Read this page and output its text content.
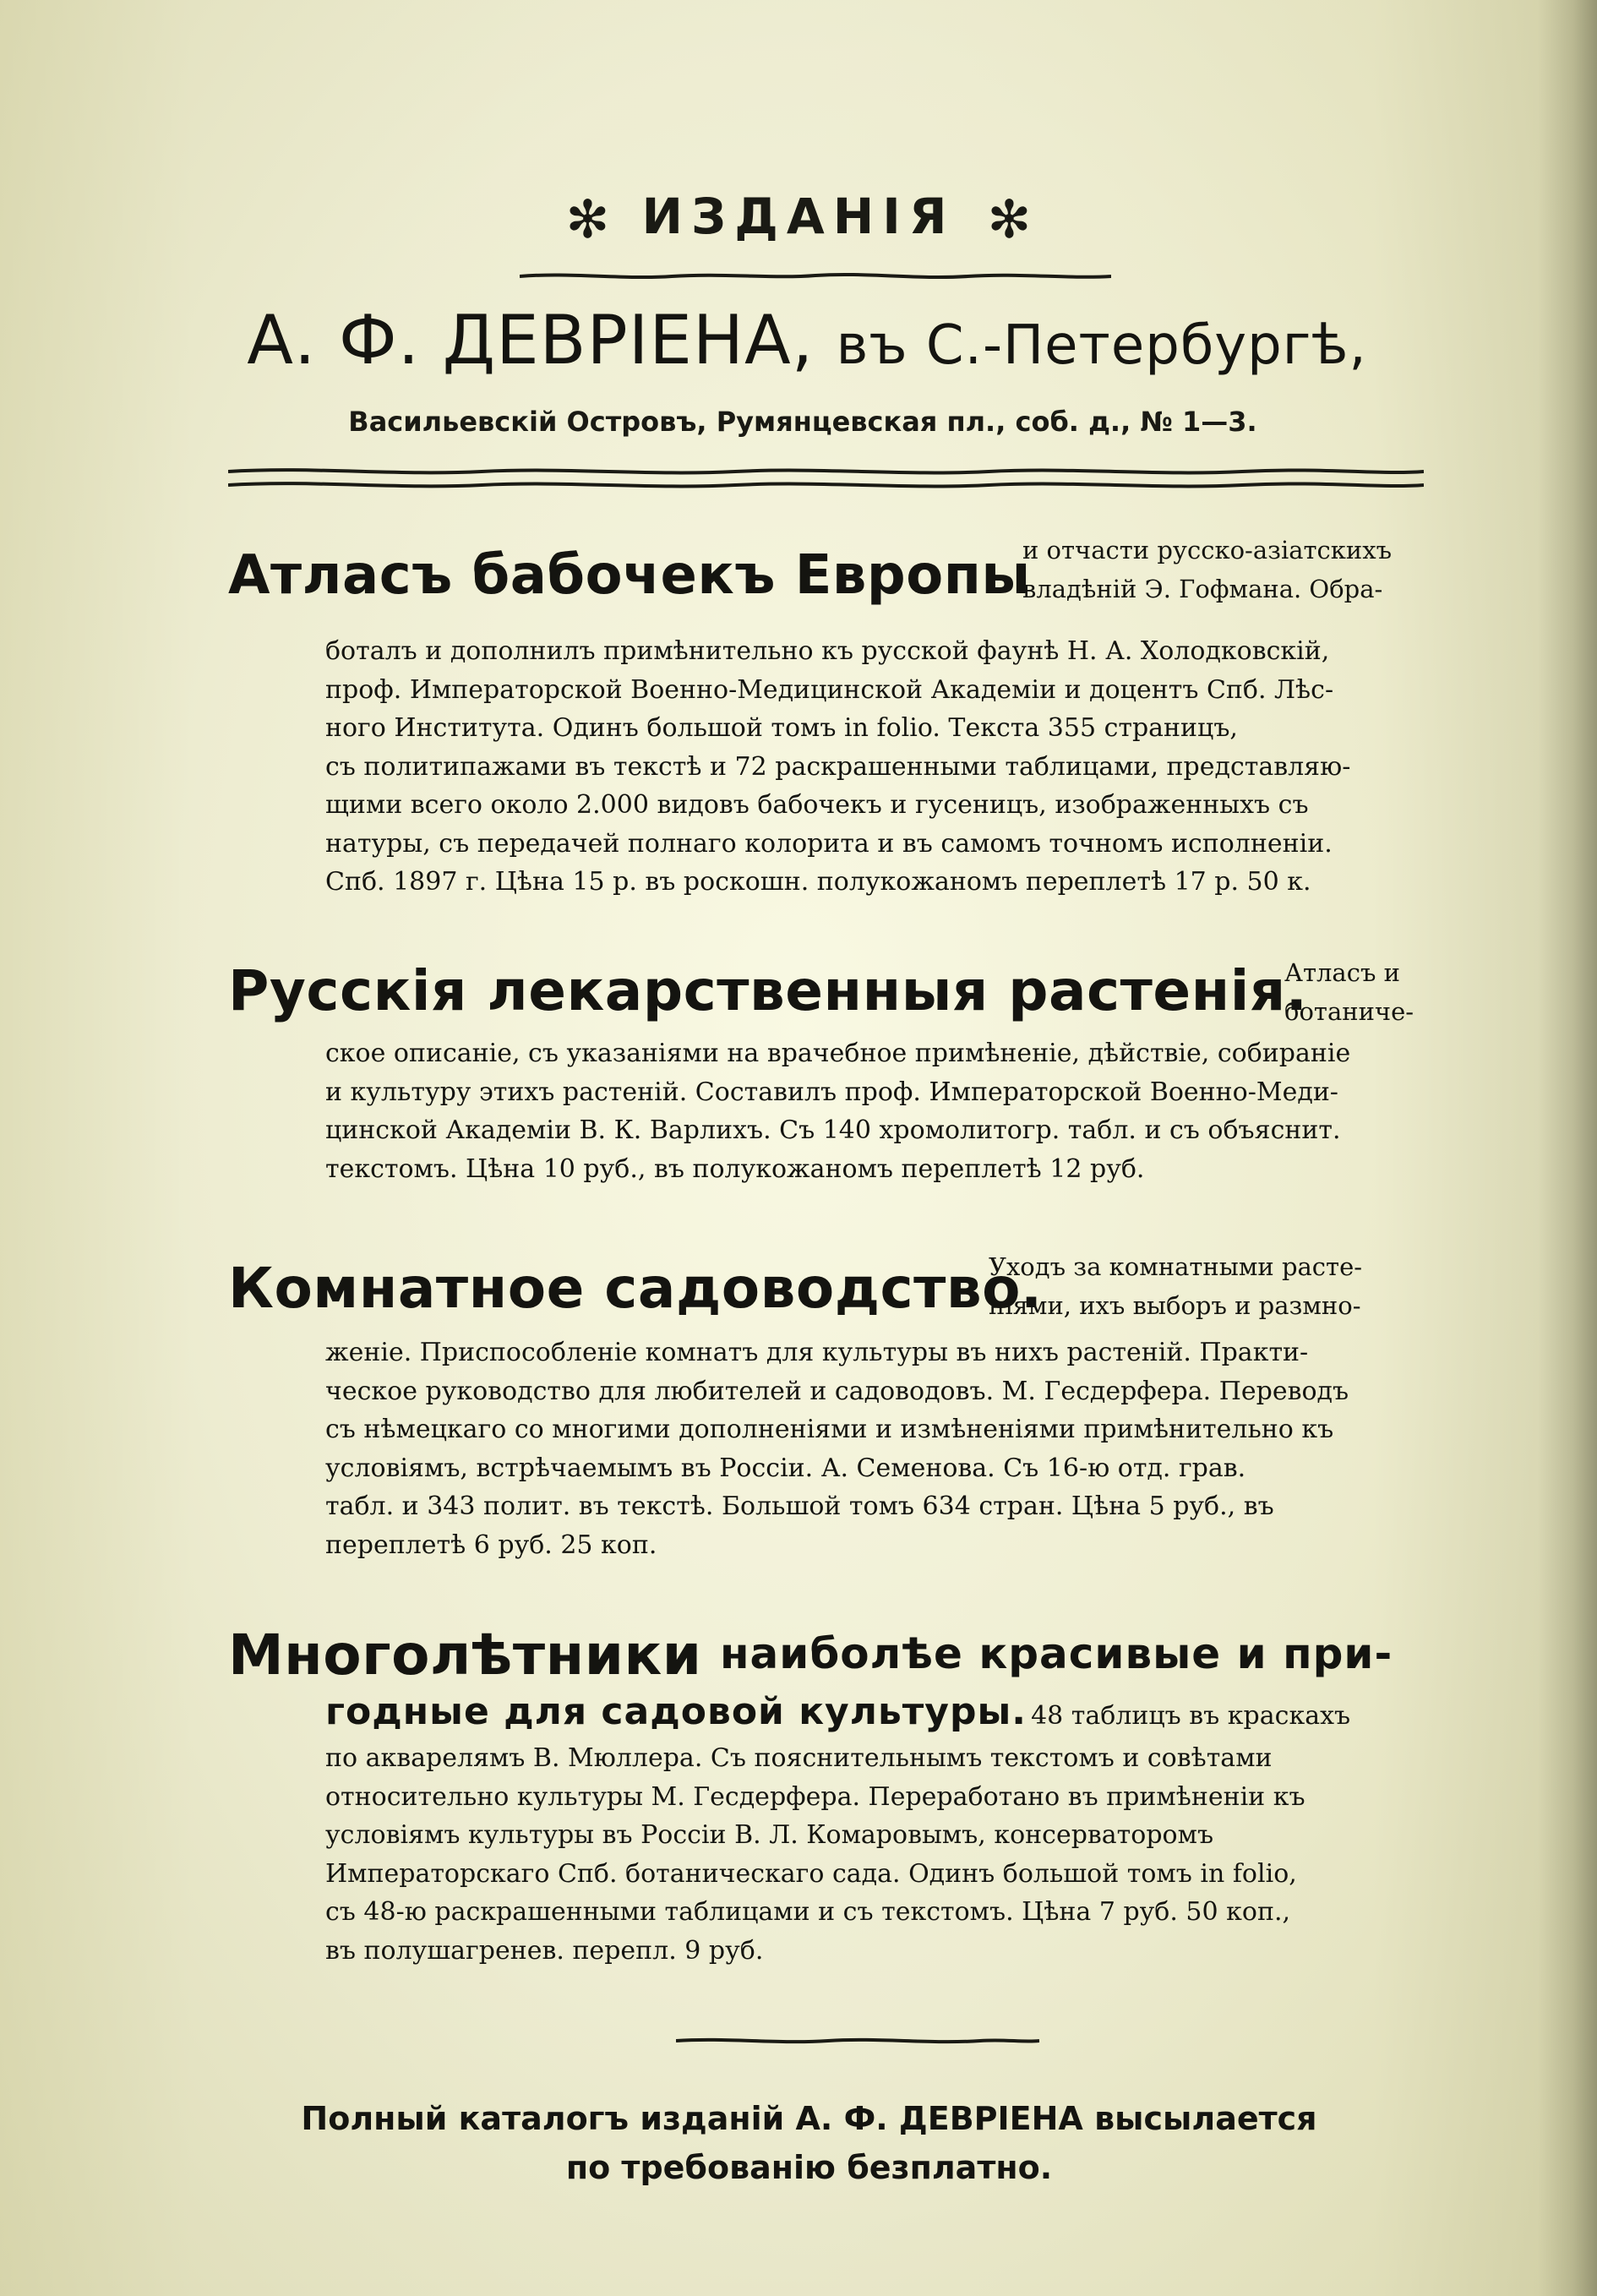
✻ ИЗДАНІЯ ✻
А. Ф. ДЕВРІЕНА, въ С.-Петербургѣ,
Васильевскій Островъ, Румянцевская пл., соб. д., № 1—3.
Атласъ бабочекъ Европы
и отчасти русско-азіатскихъ
владѣній Э. Гофмана. Обра-
боталъ и дополнилъ примѣнительно къ русской фаунѣ Н. А. Холодковскій,
проф. Императорской Военно-Медицинской Академіи и доцентъ Спб. Лѣс-
ного Института. Одинъ большой томъ in folio. Текста 355 страницъ,
съ политипажами въ текстѣ и 72 раскрашенными таблицами, представляю-
щими всего около 2.000 видовъ бабочекъ и гусеницъ, изображенныхъ съ
натуры, съ передачей полнаго колорита и въ самомъ точномъ исполненіи.
Спб. 1897 г. Цѣна 15 р. въ роскошн. полукожаномъ переплетѣ 17 р. 50 к.
Русскія лекарственныя растенія.
Атласъ и
ботаниче-
ское описаніе, съ указаніями на врачебное примѣненіе, дѣйствіе, собираніе
и культуру этихъ растеній. Составилъ проф. Императорской Военно-Меди-
цинской Академіи В. К. Варлихъ. Съ 140 хромолитогр. табл. и съ объяснит.
текстомъ. Цѣна 10 руб., въ полукожаномъ переплетѣ 12 руб.
Комнатное садоводство.
Уходъ за комнатными расте-
ніями, ихъ выборъ и размно-
женіе. Приспособленіе комнатъ для культуры въ нихъ растеній. Практи-
ческое руководство для любителей и садоводовъ. М. Гесдерфера. Переводъ
съ нѣмецкаго со многими дополненіями и измѣненіями примѣнительно къ
условіямъ, встрѣчаемымъ въ Россіи. А. Семенова. Съ 16-ю отд. грав.
табл. и 343 полит. въ текстѣ. Большой томъ 634 стран. Цѣна 5 руб., въ
переплетѣ 6 руб. 25 коп.
Многолѣтники наиболѣе красивые и при-
годные для садовой культуры. 48 таблицъ въ краскахъ
по акварелямъ В. Мюллера. Съ пояснительнымъ текстомъ и совѣтами
относительно культуры М. Гесдерфера. Переработано въ примѣненіи къ
условіямъ культуры въ Россіи В. Л. Комаровымъ, консерваторомъ
Императорскаго Спб. ботаническаго сада. Одинъ большой томъ in folio,
съ 48-ю раскрашенными таблицами и съ текстомъ. Цѣна 7 руб. 50 коп.,
въ полушагренев. перепл. 9 руб.
Полный каталогъ изданій А. Ф. ДЕВРІЕНА высылается
по требованію безплатно.
